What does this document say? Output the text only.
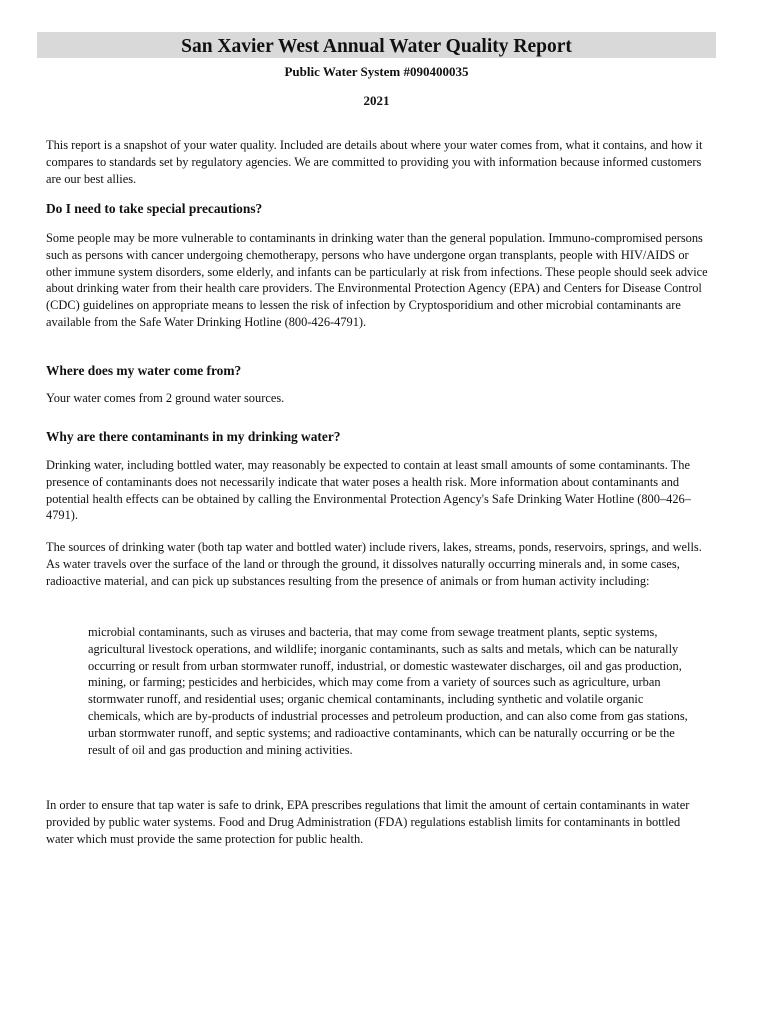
San Xavier West Annual Water Quality Report
Public Water System #090400035
2021

This report is a snapshot of your water quality. Included are details about where your water comes from, what it contains, and how it compares to standards set by regulatory agencies. We are committed to providing you with information because informed customers are our best allies.

Do I need to take special precautions?

Some people may be more vulnerable to contaminants in drinking water than the general population. Immuno-compromised persons such as persons with cancer undergoing chemotherapy, persons who have undergone organ transplants, people with HIV/AIDS or other immune system disorders, some elderly, and infants can be particularly at risk from infections. These people should seek advice about drinking water from their health care providers. The Environmental Protection Agency (EPA) and Centers for Disease Control (CDC) guidelines on appropriate means to lessen the risk of infection by Cryptosporidium and other microbial contaminants are available from the Safe Water Drinking Hotline (800-426-4791).

Where does my water come from?

Your water comes from 2 ground water sources.

Why are there contaminants in my drinking water?

Drinking water, including bottled water, may reasonably be expected to contain at least small amounts of some contaminants. The presence of contaminants does not necessarily indicate that water poses a health risk. More information about contaminants and potential health effects can be obtained by calling the Environmental Protection Agency's Safe Drinking Water Hotline (800–426–4791).

The sources of drinking water (both tap water and bottled water) include rivers, lakes, streams, ponds, reservoirs, springs, and wells. As water travels over the surface of the land or through the ground, it dissolves naturally occurring minerals and, in some cases, radioactive material, and can pick up substances resulting from the presence of animals or from human activity including:

microbial contaminants, such as viruses and bacteria, that may come from sewage treatment plants, septic systems, agricultural livestock operations, and wildlife; inorganic contaminants, such as salts and metals, which can be naturally occurring or result from urban stormwater runoff, industrial, or domestic wastewater discharges, oil and gas production, mining, or farming; pesticides and herbicides, which may come from a variety of sources such as agriculture, urban stormwater runoff, and residential uses; organic chemical contaminants, including synthetic and volatile organic chemicals, which are by-products of industrial processes and petroleum production, and can also come from gas stations, urban stormwater runoff, and septic systems; and radioactive contaminants, which can be naturally occurring or be the result of oil and gas production and mining activities.

In order to ensure that tap water is safe to drink, EPA prescribes regulations that limit the amount of certain contaminants in water provided by public water systems. Food and Drug Administration (FDA) regulations establish limits for contaminants in bottled water which must provide the same protection for public health.
